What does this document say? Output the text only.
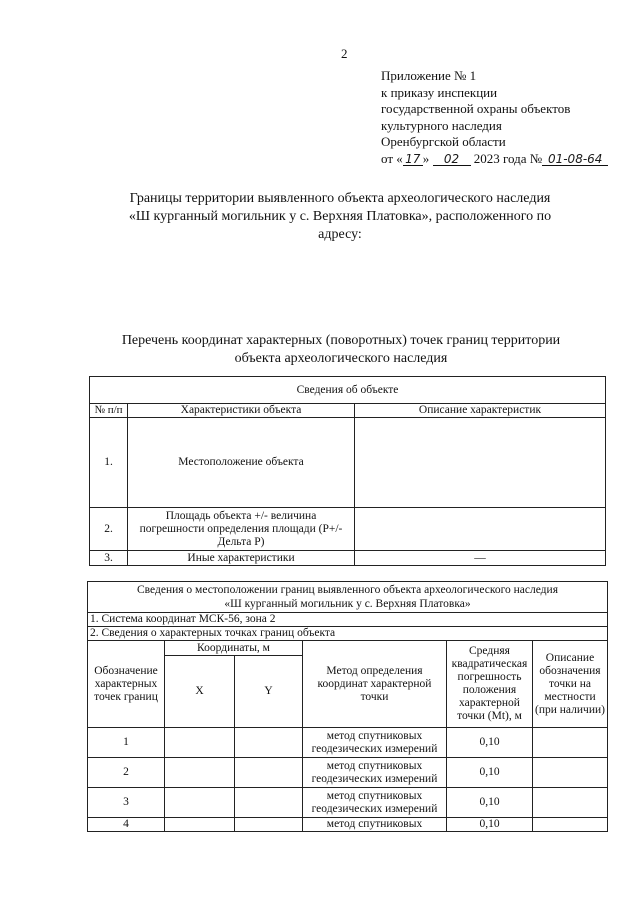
2
Приложение № 1
к приказу инспекции
государственной охраны объектов
культурного наследия
Оренбургской области
от « 17 » 02 2023 года № 01-08-64
Границы территории выявленного объекта археологического наследия
«Ш курганный могильник у с. Верхняя Платовка», расположенного по
адресу:
Перечень координат характерных (поворотных) точек границ территории
объекта археологического наследия
Сведения об объекте		
№ п/п	Характеристики объекта	Описание характеристик
1.	Местоположение объекта	
2.	Площадь объекта +/- величина погрешности определения площади (Р+/- Дельта Р)	
3.	Иные характеристики	—
Сведения о местоположении границ выявленного объекта археологического наследия
«Ш курганный могильник у с. Верхняя Платовка»					
1. Система координат МСК-56, зона 2					
2. Сведения о характерных точках границ объекта					
Обозначение характерных точек границ	Координаты, м		Метод определения координат характерной точки	Средняя квадратическая погрешность положения характерной точки (Mt), м	Описание обозначения точки на местности (при наличии)
	X	Y			
1			метод спутниковых геодезических измерений	0,10	
2			метод спутниковых геодезических измерений	0,10	
3			метод спутниковых геодезических измерений	0,10	
4			метод спутниковых	0,10	
